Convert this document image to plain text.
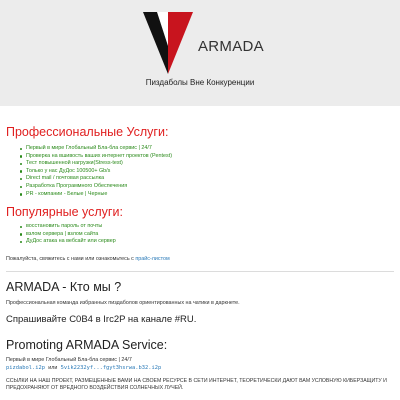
ARMADA
Пиздаболы Вне Конкуренции
Профессиональные Услуги:
Первый в мире Глобальный Бла-бла сервис | 24/7
Проверка на вшивость ваших интернет проектов (Pentest)
Тест повышенной нагрузки(Stress-test)
Только у нас ДуДос 100500+ Gb/s
Direct mail / почтовая рассылка
Разработка Программного Обеспечения
PR - компании - Белые | Черные
Популярные услуги:
восстановить пароль от почты
взлом сервера | взлом сайта
ДуДос атака на вебсайт или сервер

Пожалуйста, свяжитесь с нами или ознакомьтесь с прайс-листом

ARMADA - Кто мы ?

Профессиональная команда избранных пиздаболов ориентированных на чатики в даркнете.

Спрашивайте C0B4 в Irc2P на канале #RU.

Promoting ARMADA Service:

Первый в мире Глобальный Бла-бла сервис | 24/7

pizdabol.i2p или 5vik2232yf...fgyt3hsrwa.b32.i2p

ССЫЛКИ НА НАШ ПРОЕКТ, РАЗМЕЩЕННЫЕ ВАМИ НА СВОЕМ РЕСУРСЕ В СЕТИ ИНТЕРНЕТ, ТЕОРЕТИЧЕСКИ ДАЮТ ВАМ УСЛОВНУЮ КИБЕРЗАЩИТУ И ПРЕДОХРАНЯЮТ ОТ ВРЕДНОГО ВОЗДЕЙСТВИЯ СОЛНЕЧНЫХ ЛУЧЕЙ.
